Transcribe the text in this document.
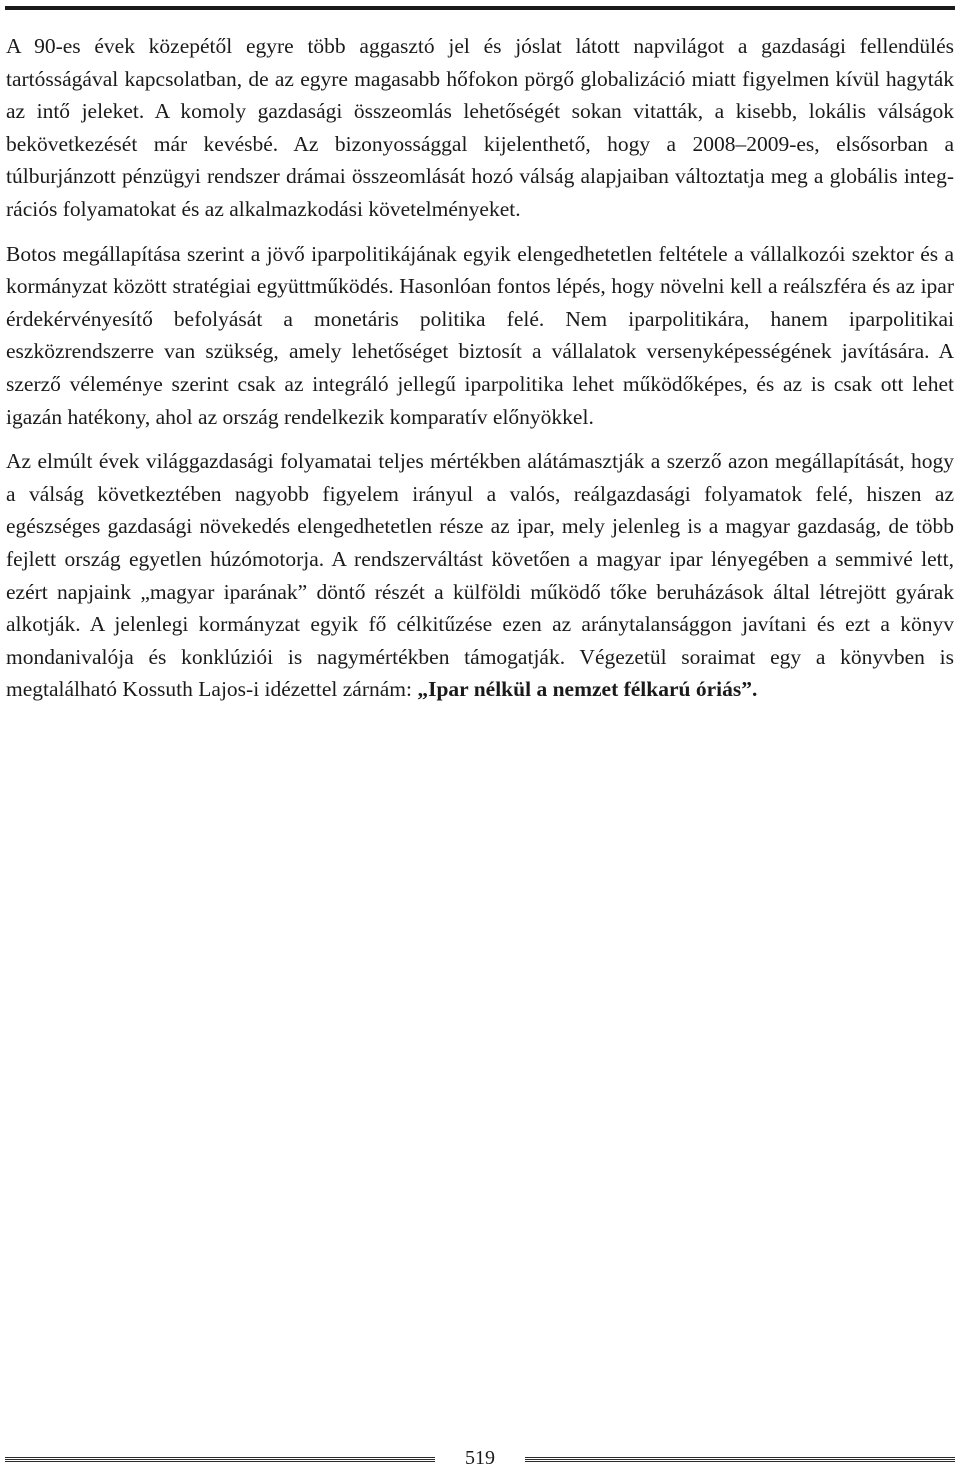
A 90-es évek közepétől egyre több aggasztó jel és jóslat látott napvilágot a gazdasági fellendülés tartósságával kapcsolatban, de az egyre magasabb hőfokon pörgő globalizáció miatt figyelmen kívül hagyták az intő jeleket. A komoly gazdasági összeomlás lehetőségét sokan vitatták, a kisebb, lokális válságok bekövetkezését már kevésbé. Az bizonyossággal kijelenthető, hogy a 2008–2009-es, elsősorban a túlburjánzott pénzügyi rendszer drámai összeomlását hozó válság alapjaiban változtatja meg a globális integrációs folyamatokat és az alkalmazkodási követelményeket.

Botos megállapítása szerint a jövő iparpolitikájának egyik elengedhetetlen feltétele a vállalkozói szektor és a kormányzat között stratégiai együttműködés. Hasonlóan fontos lépés, hogy növelni kell a reálszféra és az ipar érdekérvényesítő befolyását a monetáris politika felé. Nem iparpolitikára, hanem iparpolitikai eszközrendszerre van szükség, amely lehetőséget biztosít a vállalatok versenyképességének javítására. A szerző véleménye szerint csak az integráló jellegű iparpolitika lehet működőképes, és az is csak ott lehet igazán hatékony, ahol az ország rendelkezik komparatív előnyökkel.

Az elmúlt évek világgazdasági folyamatai teljes mértékben alátámasztják a szerző azon megállapítását, hogy a válság következtében nagyobb figyelem irányul a valós, reálgazdasági folyamatok felé, hiszen az egészséges gazdasági növekedés elengedhetetlen része az ipar, mely jelenleg is a magyar gazdaság, de több fejlett ország egyetlen húzómotorja. A rendszerváltást követően a magyar ipar lényegében a semmivé lett, ezért napjaink „magyar iparának” döntő részét a külföldi működő tőke beruházások által létrejött gyárak alkotják. A jelenlegi kormányzat egyik fő célkitűzése ezen az aránytalansággon javítani és ezt a könyv mondanivalója és konklúziói is nagymértékben támogatják. Végezetül soraimat egy a könyvben is megtalálható Kossuth Lajos-i idézettel zárnám: „Ipar nélkül a nemzet félkarú óriás”.

519
